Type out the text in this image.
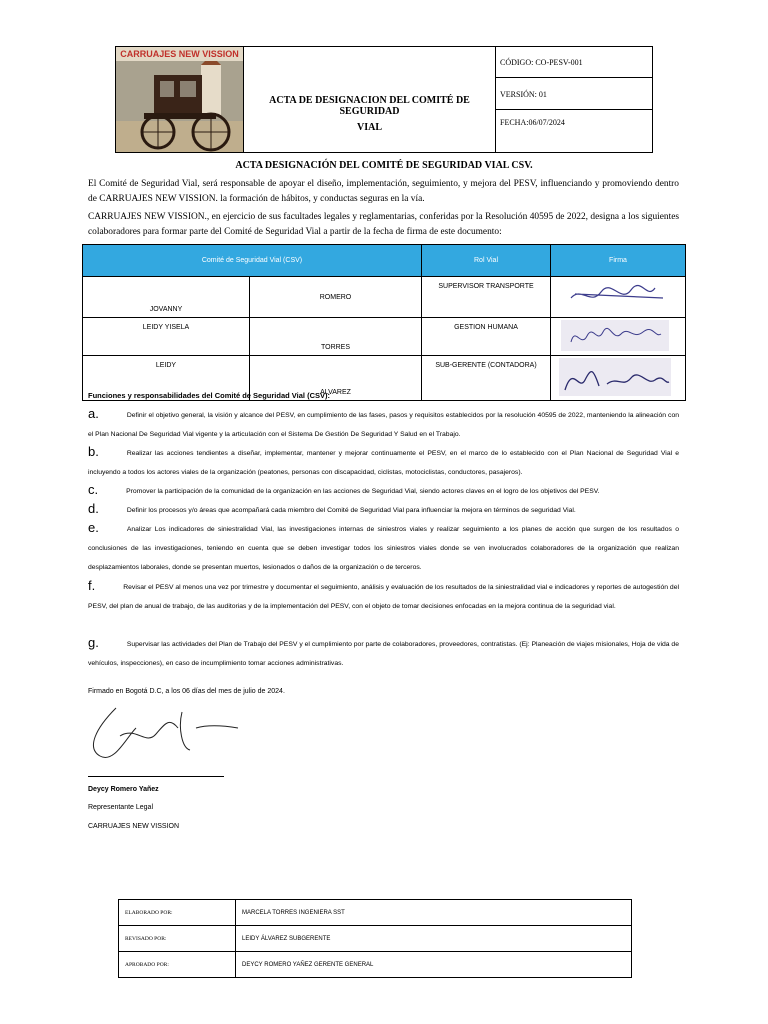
CARRUAJES NEW VISSION
ACTA DE DESIGNACION DEL COMITÉ DE SEGURIDAD
VIAL
CÓDIGO: CO-PESV-001
VERSIÓN: 01
FECHA:06/07/2024
ACTA DESIGNACIÓN DEL COMITÉ DE SEGURIDAD VIAL CSV.
El Comité de Seguridad Vial, será responsable de apoyar el diseño, implementación, seguimiento, y mejora del PESV, influenciando y promoviendo dentro de CARRUAJES NEW VISSION. la formación de hábitos, y conductas seguras en la vía.
CARRUAJES NEW VISSION., en ejercicio de sus facultades legales y reglamentarias, conferidas por la Resolución 40595 de 2022, designa a los siguientes colaboradores para formar parte del Comité de Seguridad Vial a partir de la fecha de firma de este documento:
Comité de Seguridad Vial (CSV)		Rol Vial	Firma
JOVANNY	ROMERO	SUPERVISOR TRANSPORTE	
LEIDY YISELA	TORRES	GESTION HUMANA	
LEIDY	ALVAREZ	SUB-GERENTE (CONTADORA)	
Funciones y responsabilidades del Comité de Seguridad Vial (CSV):
a.	Definir el objetivo general, la visión y alcance del PESV, en cumplimiento de las fases, pasos y requisitos establecidos por la resolución 40595 de 2022, manteniendo la alineación con el Plan Nacional De Seguridad Vial vigente y la articulación con el Sistema De Gestión De Seguridad Y Salud en el Trabajo.
b.	Realizar las acciones tendientes a diseñar, implementar, mantener y mejorar continuamente el PESV, en el marco de lo establecido con el Plan Nacional de Seguridad Vial e incluyendo a todos los actores viales de la organización (peatones, personas con discapacidad, ciclistas, motociclistas, conductores, pasajeros).
c.	Promover la participación de la comunidad de la organización en las acciones de Seguridad Vial, siendo actores claves en el logro de los objetivos del PESV.
d.	Definir los procesos y/o áreas que acompañará cada miembro del Comité de Seguridad Vial para influenciar la mejora en términos de seguridad Vial.
e.	Analizar Los indicadores de siniestralidad Vial, las investigaciones internas de siniestros viales y realizar seguimiento a los planes de acción que surgen de los resultados o conclusiones de las investigaciones, teniendo en cuenta que se deben investigar todos los siniestros viales donde se ven involucrados colaboradores de la organización que realizan desplazamientos laborales, donde se presentan muertos, lesionados o daños de la organización o de terceros.
f.	Revisar el PESV al menos una vez por trimestre y documentar el seguimiento, análisis y evaluación de los resultados de la siniestralidad vial e indicadores y reportes de autogestión del PESV, del plan de anual de trabajo, de las auditorias y de la implementación del PESV, con el objeto de tomar decisiones enfocadas en la mejora continua de la seguridad vial.
g.	Supervisar las actividades del Plan de Trabajo del PESV y el cumplimiento por parte de colaboradores, proveedores, contratistas. (Ej: Planeación de viajes misionales, Hoja de vida de vehículos, inspecciones), en caso de incumplimiento tomar acciones administrativas.
Firmado en Bogotá D.C, a los 06 días del mes de julio de 2024.
Deycy Romero Yañez
Representante Legal
CARRUAJES NEW VISSION
ELABORADO POR:	MARCELA TORRES INGENIERA SST
REVISADO POR:	LEIDY ÁLVAREZ SUBGERENTE
APROBADO POR:	DEYCY ROMERO YAÑEZ GERENTE GENERAL
